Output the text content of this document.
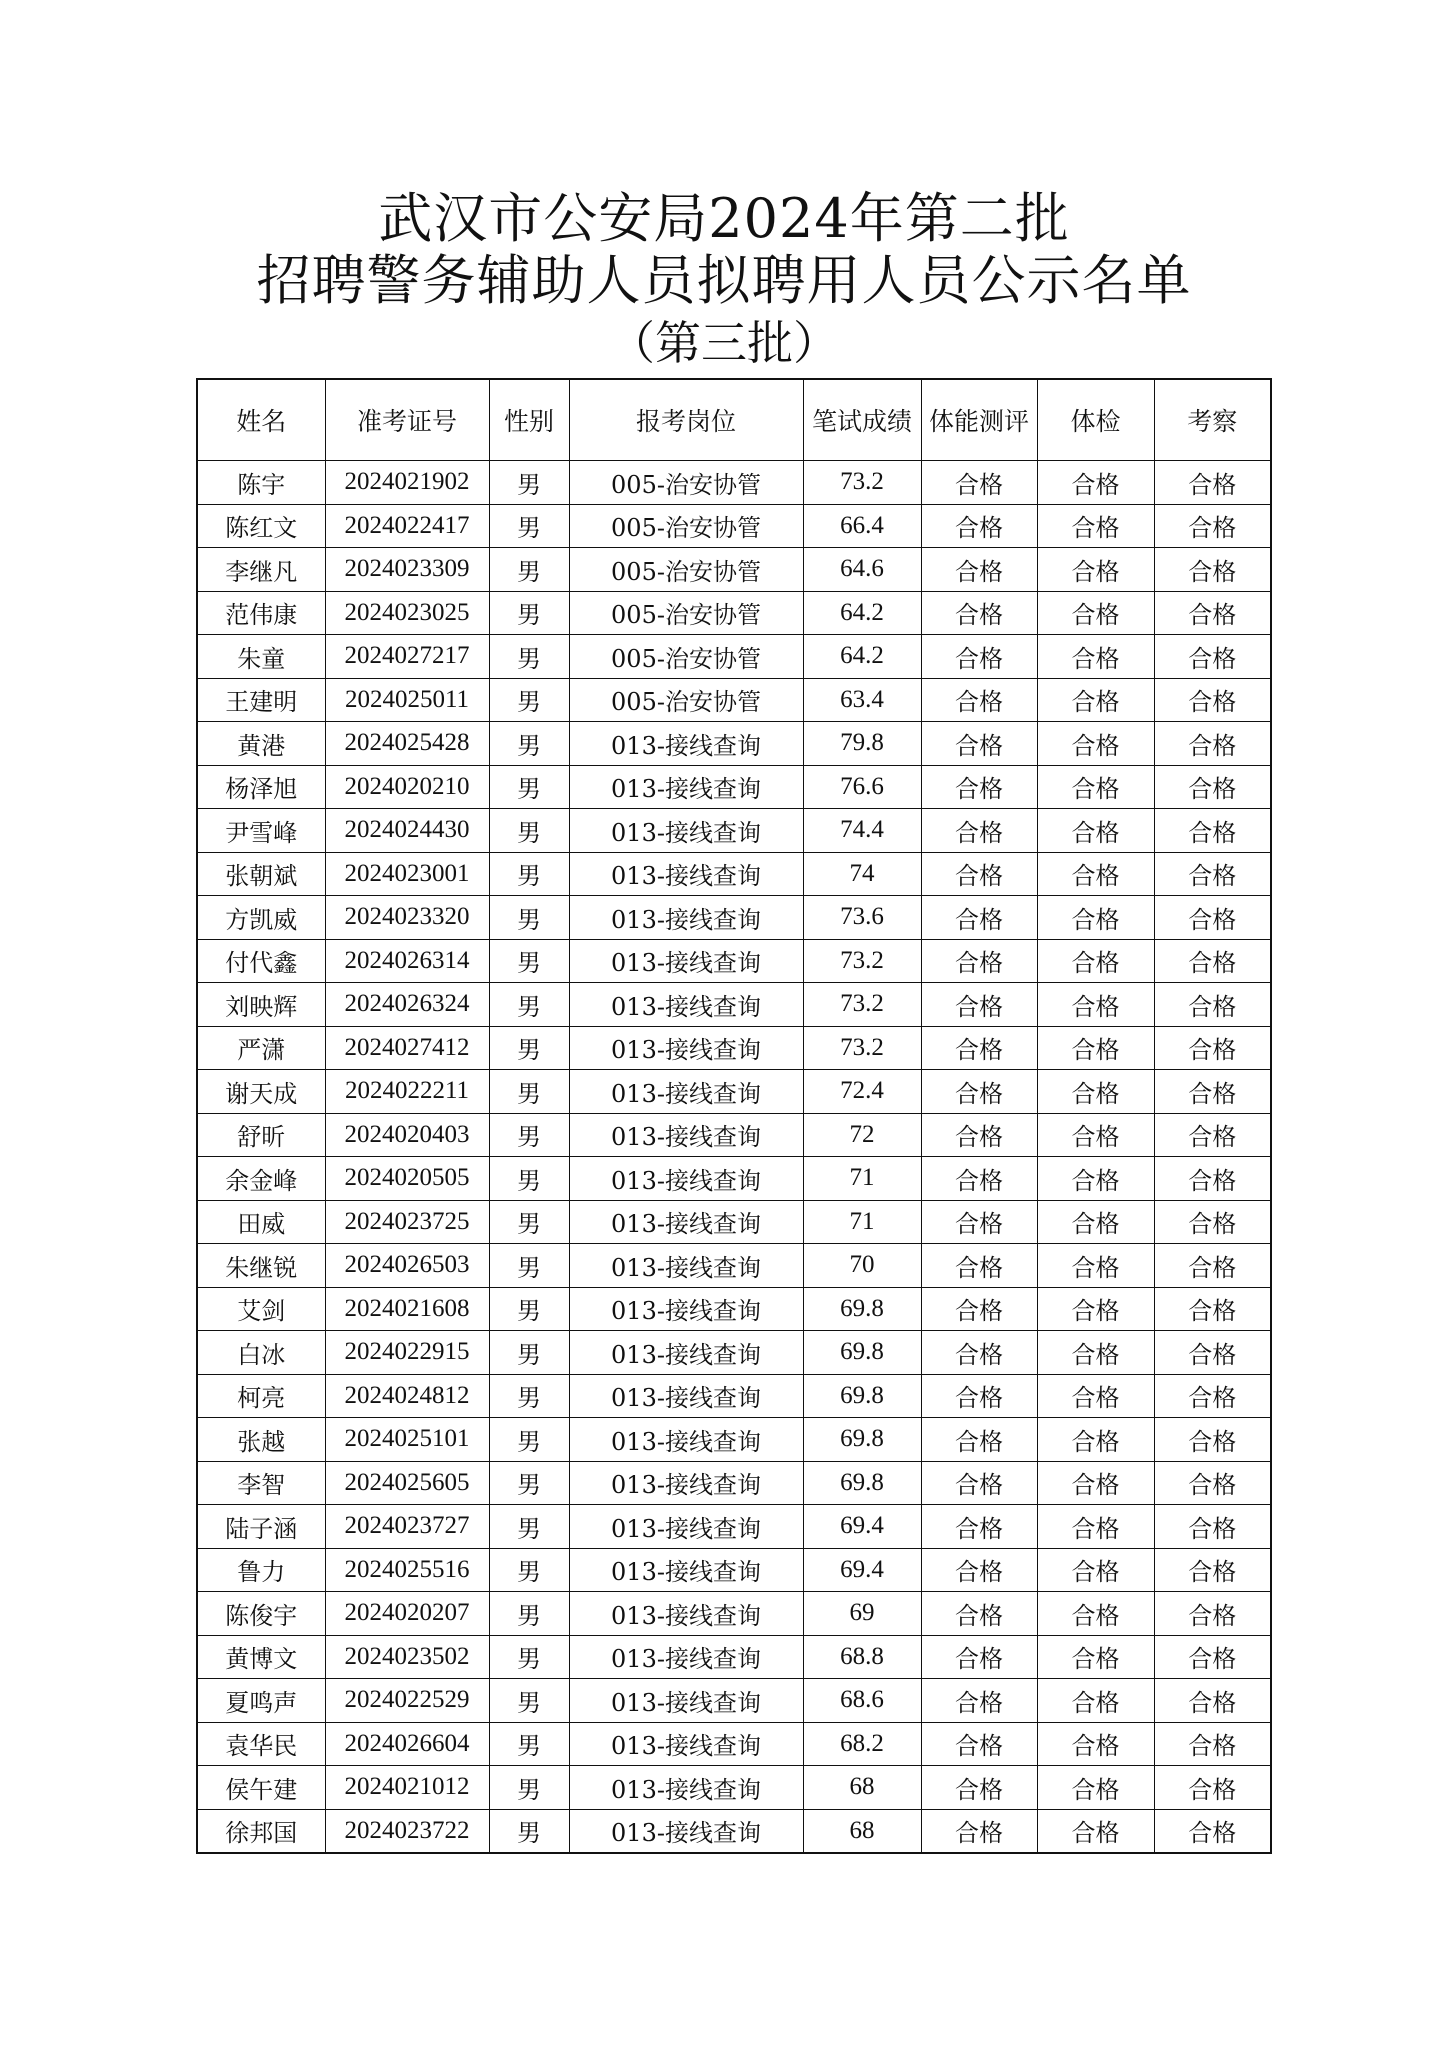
武汉市公安局2024年第二批
招聘警务辅助人员拟聘用人员公示名单
（第三批）
姓名	准考证号	性别	报考岗位	笔试成绩	体能测评	体检	考察
陈宇	2024021902	男	005-治安协管	73.2	合格	合格	合格
陈红文	2024022417	男	005-治安协管	66.4	合格	合格	合格
李继凡	2024023309	男	005-治安协管	64.6	合格	合格	合格
范伟康	2024023025	男	005-治安协管	64.2	合格	合格	合格
朱童	2024027217	男	005-治安协管	64.2	合格	合格	合格
王建明	2024025011	男	005-治安协管	63.4	合格	合格	合格
黄港	2024025428	男	013-接线查询	79.8	合格	合格	合格
杨泽旭	2024020210	男	013-接线查询	76.6	合格	合格	合格
尹雪峰	2024024430	男	013-接线查询	74.4	合格	合格	合格
张朝斌	2024023001	男	013-接线查询	74	合格	合格	合格
方凯威	2024023320	男	013-接线查询	73.6	合格	合格	合格
付代鑫	2024026314	男	013-接线查询	73.2	合格	合格	合格
刘映辉	2024026324	男	013-接线查询	73.2	合格	合格	合格
严潇	2024027412	男	013-接线查询	73.2	合格	合格	合格
谢天成	2024022211	男	013-接线查询	72.4	合格	合格	合格
舒昕	2024020403	男	013-接线查询	72	合格	合格	合格
余金峰	2024020505	男	013-接线查询	71	合格	合格	合格
田威	2024023725	男	013-接线查询	71	合格	合格	合格
朱继锐	2024026503	男	013-接线查询	70	合格	合格	合格
艾剑	2024021608	男	013-接线查询	69.8	合格	合格	合格
白冰	2024022915	男	013-接线查询	69.8	合格	合格	合格
柯亮	2024024812	男	013-接线查询	69.8	合格	合格	合格
张越	2024025101	男	013-接线查询	69.8	合格	合格	合格
李智	2024025605	男	013-接线查询	69.8	合格	合格	合格
陆子涵	2024023727	男	013-接线查询	69.4	合格	合格	合格
鲁力	2024025516	男	013-接线查询	69.4	合格	合格	合格
陈俊宇	2024020207	男	013-接线查询	69	合格	合格	合格
黄博文	2024023502	男	013-接线查询	68.8	合格	合格	合格
夏鸣声	2024022529	男	013-接线查询	68.6	合格	合格	合格
袁华民	2024026604	男	013-接线查询	68.2	合格	合格	合格
侯午建	2024021012	男	013-接线查询	68	合格	合格	合格
徐邦国	2024023722	男	013-接线查询	68	合格	合格	合格
